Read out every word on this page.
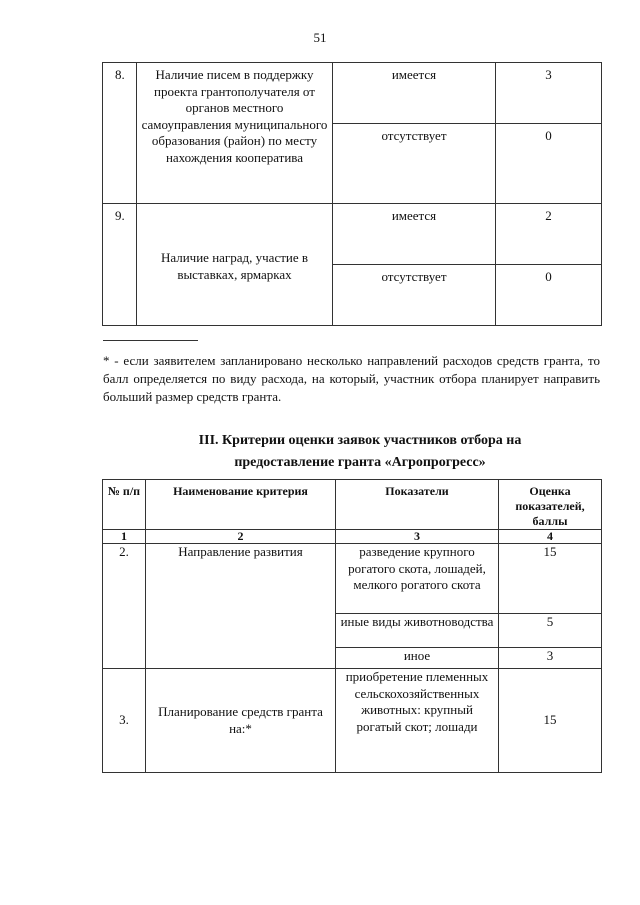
51
8.	Наличие писем в поддержку проекта грантополучателя от органов местного самоуправления муниципального образования (район) по месту нахождения кооператива	имеется	3
		отсутствует	0
9.	Наличие наград, участие в выставках, ярмарках	имеется	2
		отсутствует	0
* - если заявителем запланировано несколько направлений расходов средств гранта, то балл определяется по виду расхода, на который, участник отбора планирует направить больший размер средств гранта.
III. Критерии оценки заявок участников отбора на
предоставление гранта «Агропрогресс»
№ п/п	Наименование критерия	Показатели	Оценка показателей, баллы
1	2	3	4
2.	Направление развития	разведение крупного рогатого скота, лошадей, мелкого рогатого скота	15
		иные виды животноводства	5
		иное	3
3.	Планирование средств гранта на:*	приобретение племенных сельскохозяйственных животных: крупный рогатый скот; лошади	15
